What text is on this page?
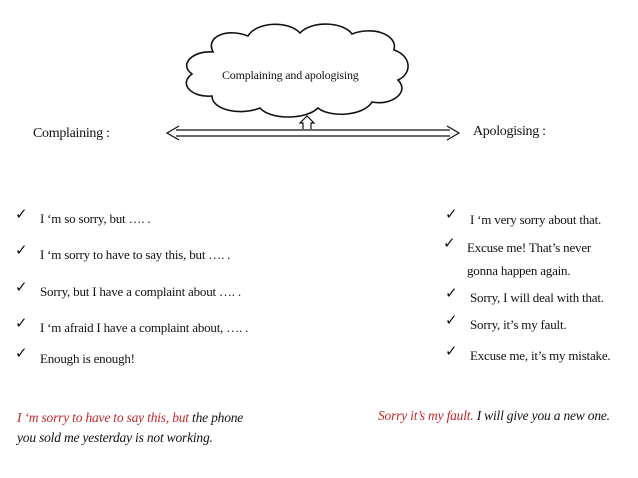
Complaining and apologising
Complaining :	Apologising :
✓ I ‘m so sorry, but …. .
✓ I ‘m sorry to have to say this, but …. .
✓ Sorry, but I have a complaint about …. .
✓ I ‘m afraid I have a complaint about, …. .
✓ Enough is enough!
✓ I ‘m very sorry about that.
✓ Excuse me! That’s never
gonna happen again.
✓ Sorry, I will deal with that.
✓ Sorry, it’s my fault.
✓ Excuse me, it’s my mistake.
I ‘m sorry to have to say this, but the phone
you sold me yesterday is not working.
Sorry it’s my fault. I will give you a new one.
